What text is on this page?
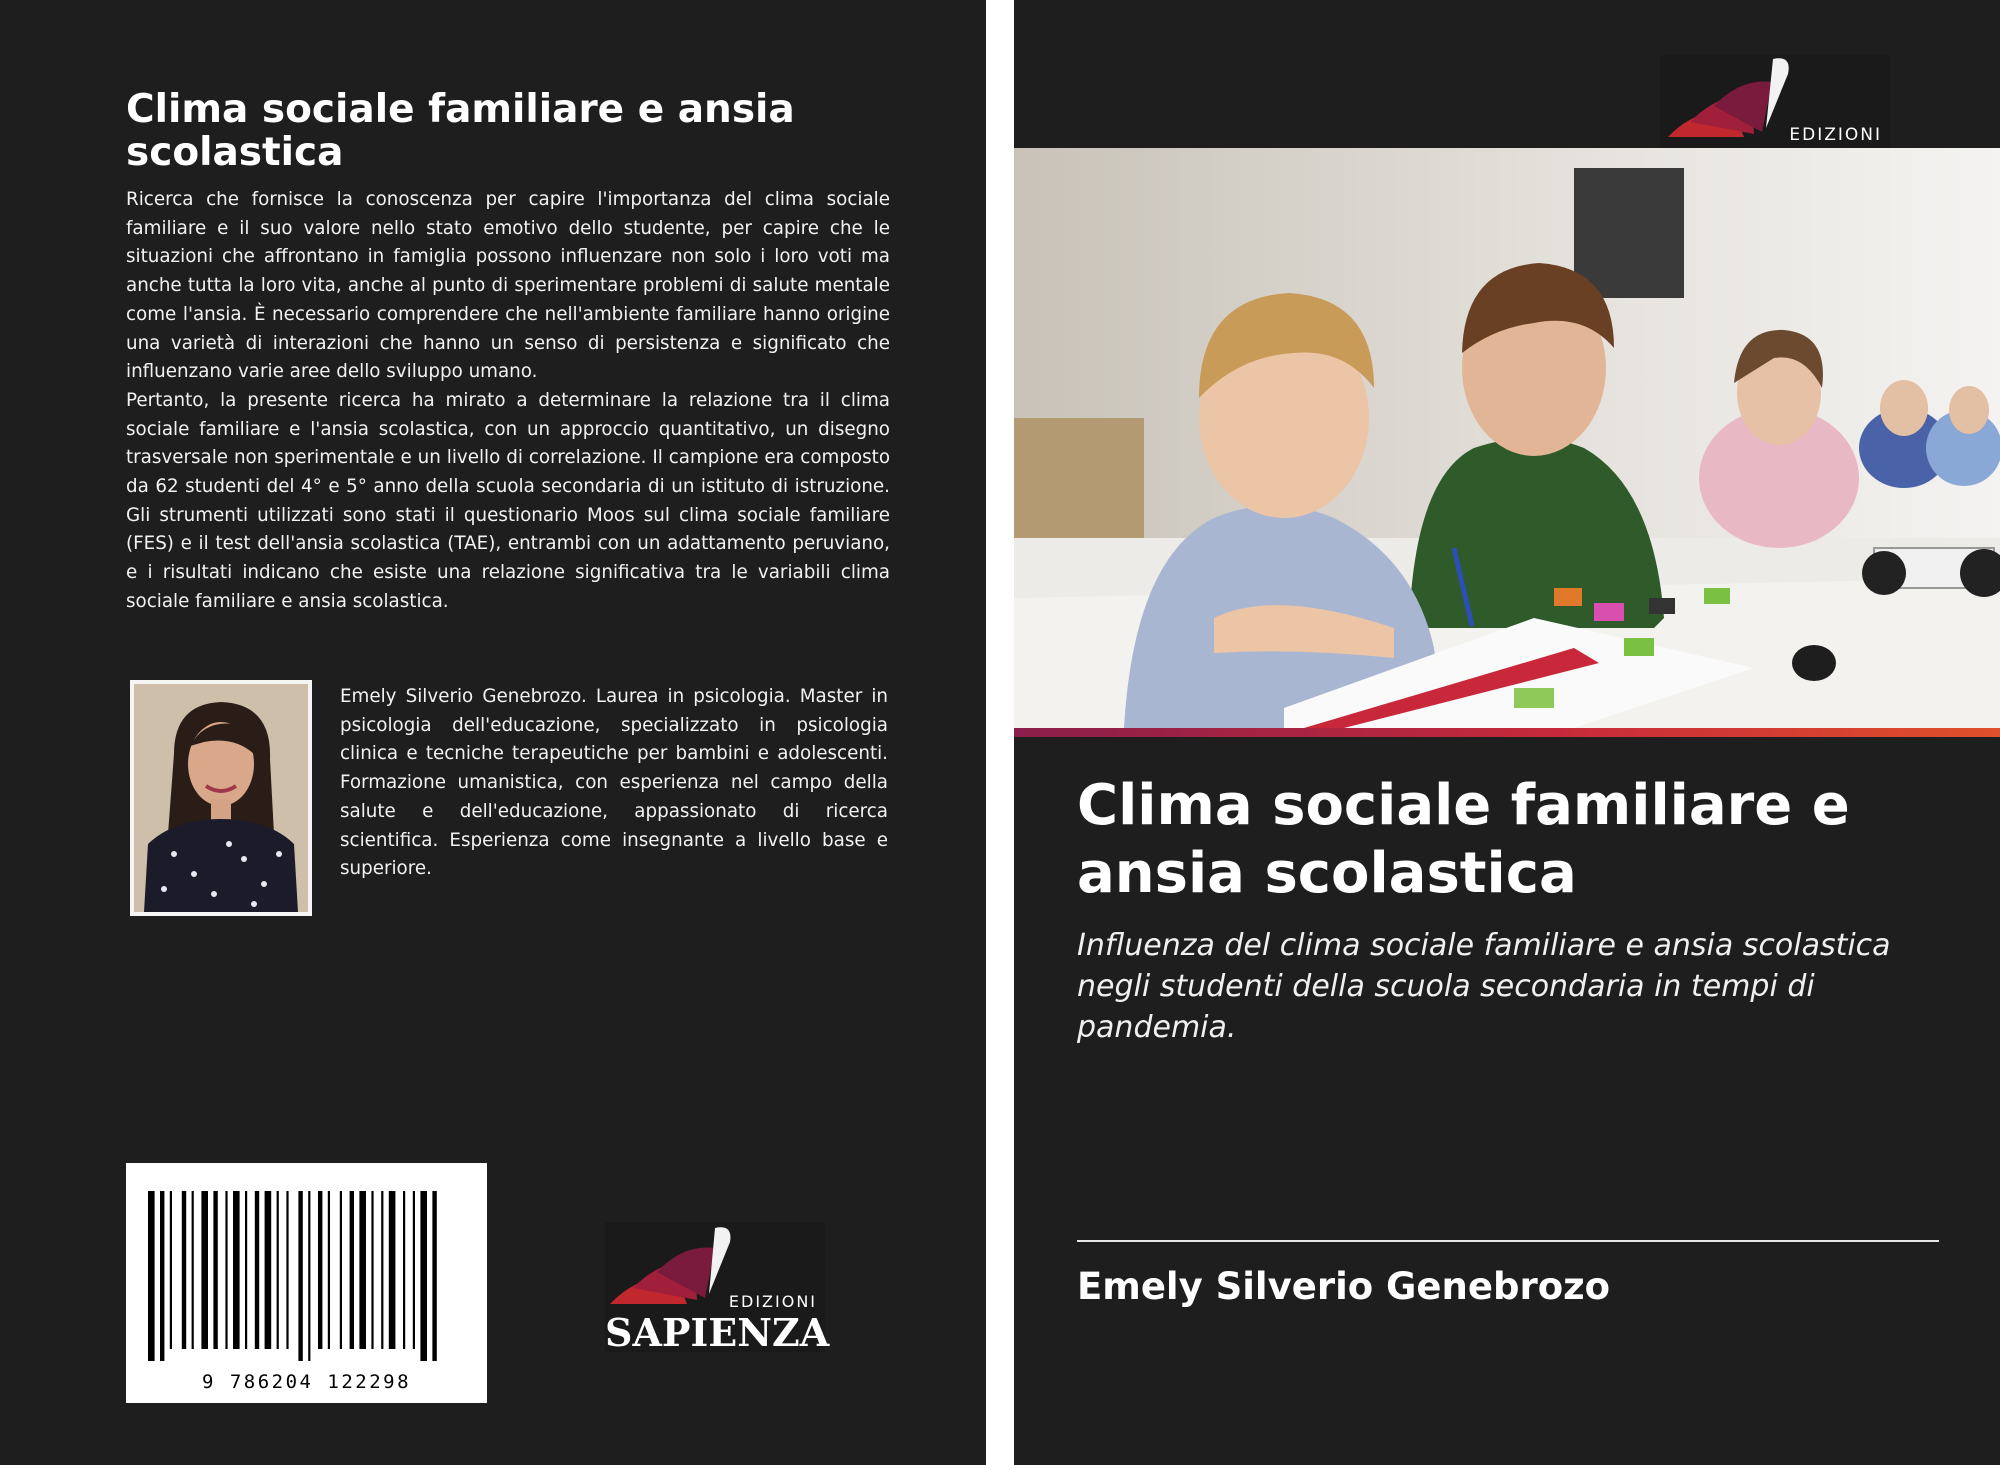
Clima sociale familiare e ansia scolastica

Ricerca che fornisce la conoscenza per capire l'importanza del clima sociale familiare e il suo valore nello stato emotivo dello studente, per capire che le situazioni che affrontano in famiglia possono influenzare non solo i loro voti ma anche tutta la loro vita, anche al punto di sperimentare problemi di salute mentale come l'ansia. È necessario comprendere che nell'ambiente familiare hanno origine una varietà di interazioni che hanno un senso di persistenza e significato che influenzano varie aree dello sviluppo umano.

Pertanto, la presente ricerca ha mirato a determinare la relazione tra il clima sociale familiare e l'ansia scolastica, con un approccio quantitativo, un disegno trasversale non sperimentale e un livello di correlazione. Il campione era composto da 62 studenti del 4° e 5° anno della scuola secondaria di un istituto di istruzione. Gli strumenti utilizzati sono stati il questionario Moos sul clima sociale familiare (FES) e il test dell'ansia scolastica (TAE), entrambi con un adattamento peruviano, e i risultati indicano che esiste una relazione significativa tra le variabili clima sociale familiare e ansia scolastica.

Emely Silverio Genebrozo. Laurea in psicologia. Master in psicologia dell'educazione, specializzato in psicologia clinica e tecniche terapeutiche per bambini e adolescenti. Formazione umanistica, con esperienza nel campo della salute e dell'educazione, appassionato di ricerca scientifica. Esperienza come insegnante a livello base e superiore.

9 786204 122298
EDIZIONI
SAPIENZA
EDIZIONI
Clima sociale familiare e ansia scolastica

Influenza del clima sociale familiare e ansia scolastica negli studenti della scuola secondaria in tempi di pandemia.

Emely Silverio Genebrozo
